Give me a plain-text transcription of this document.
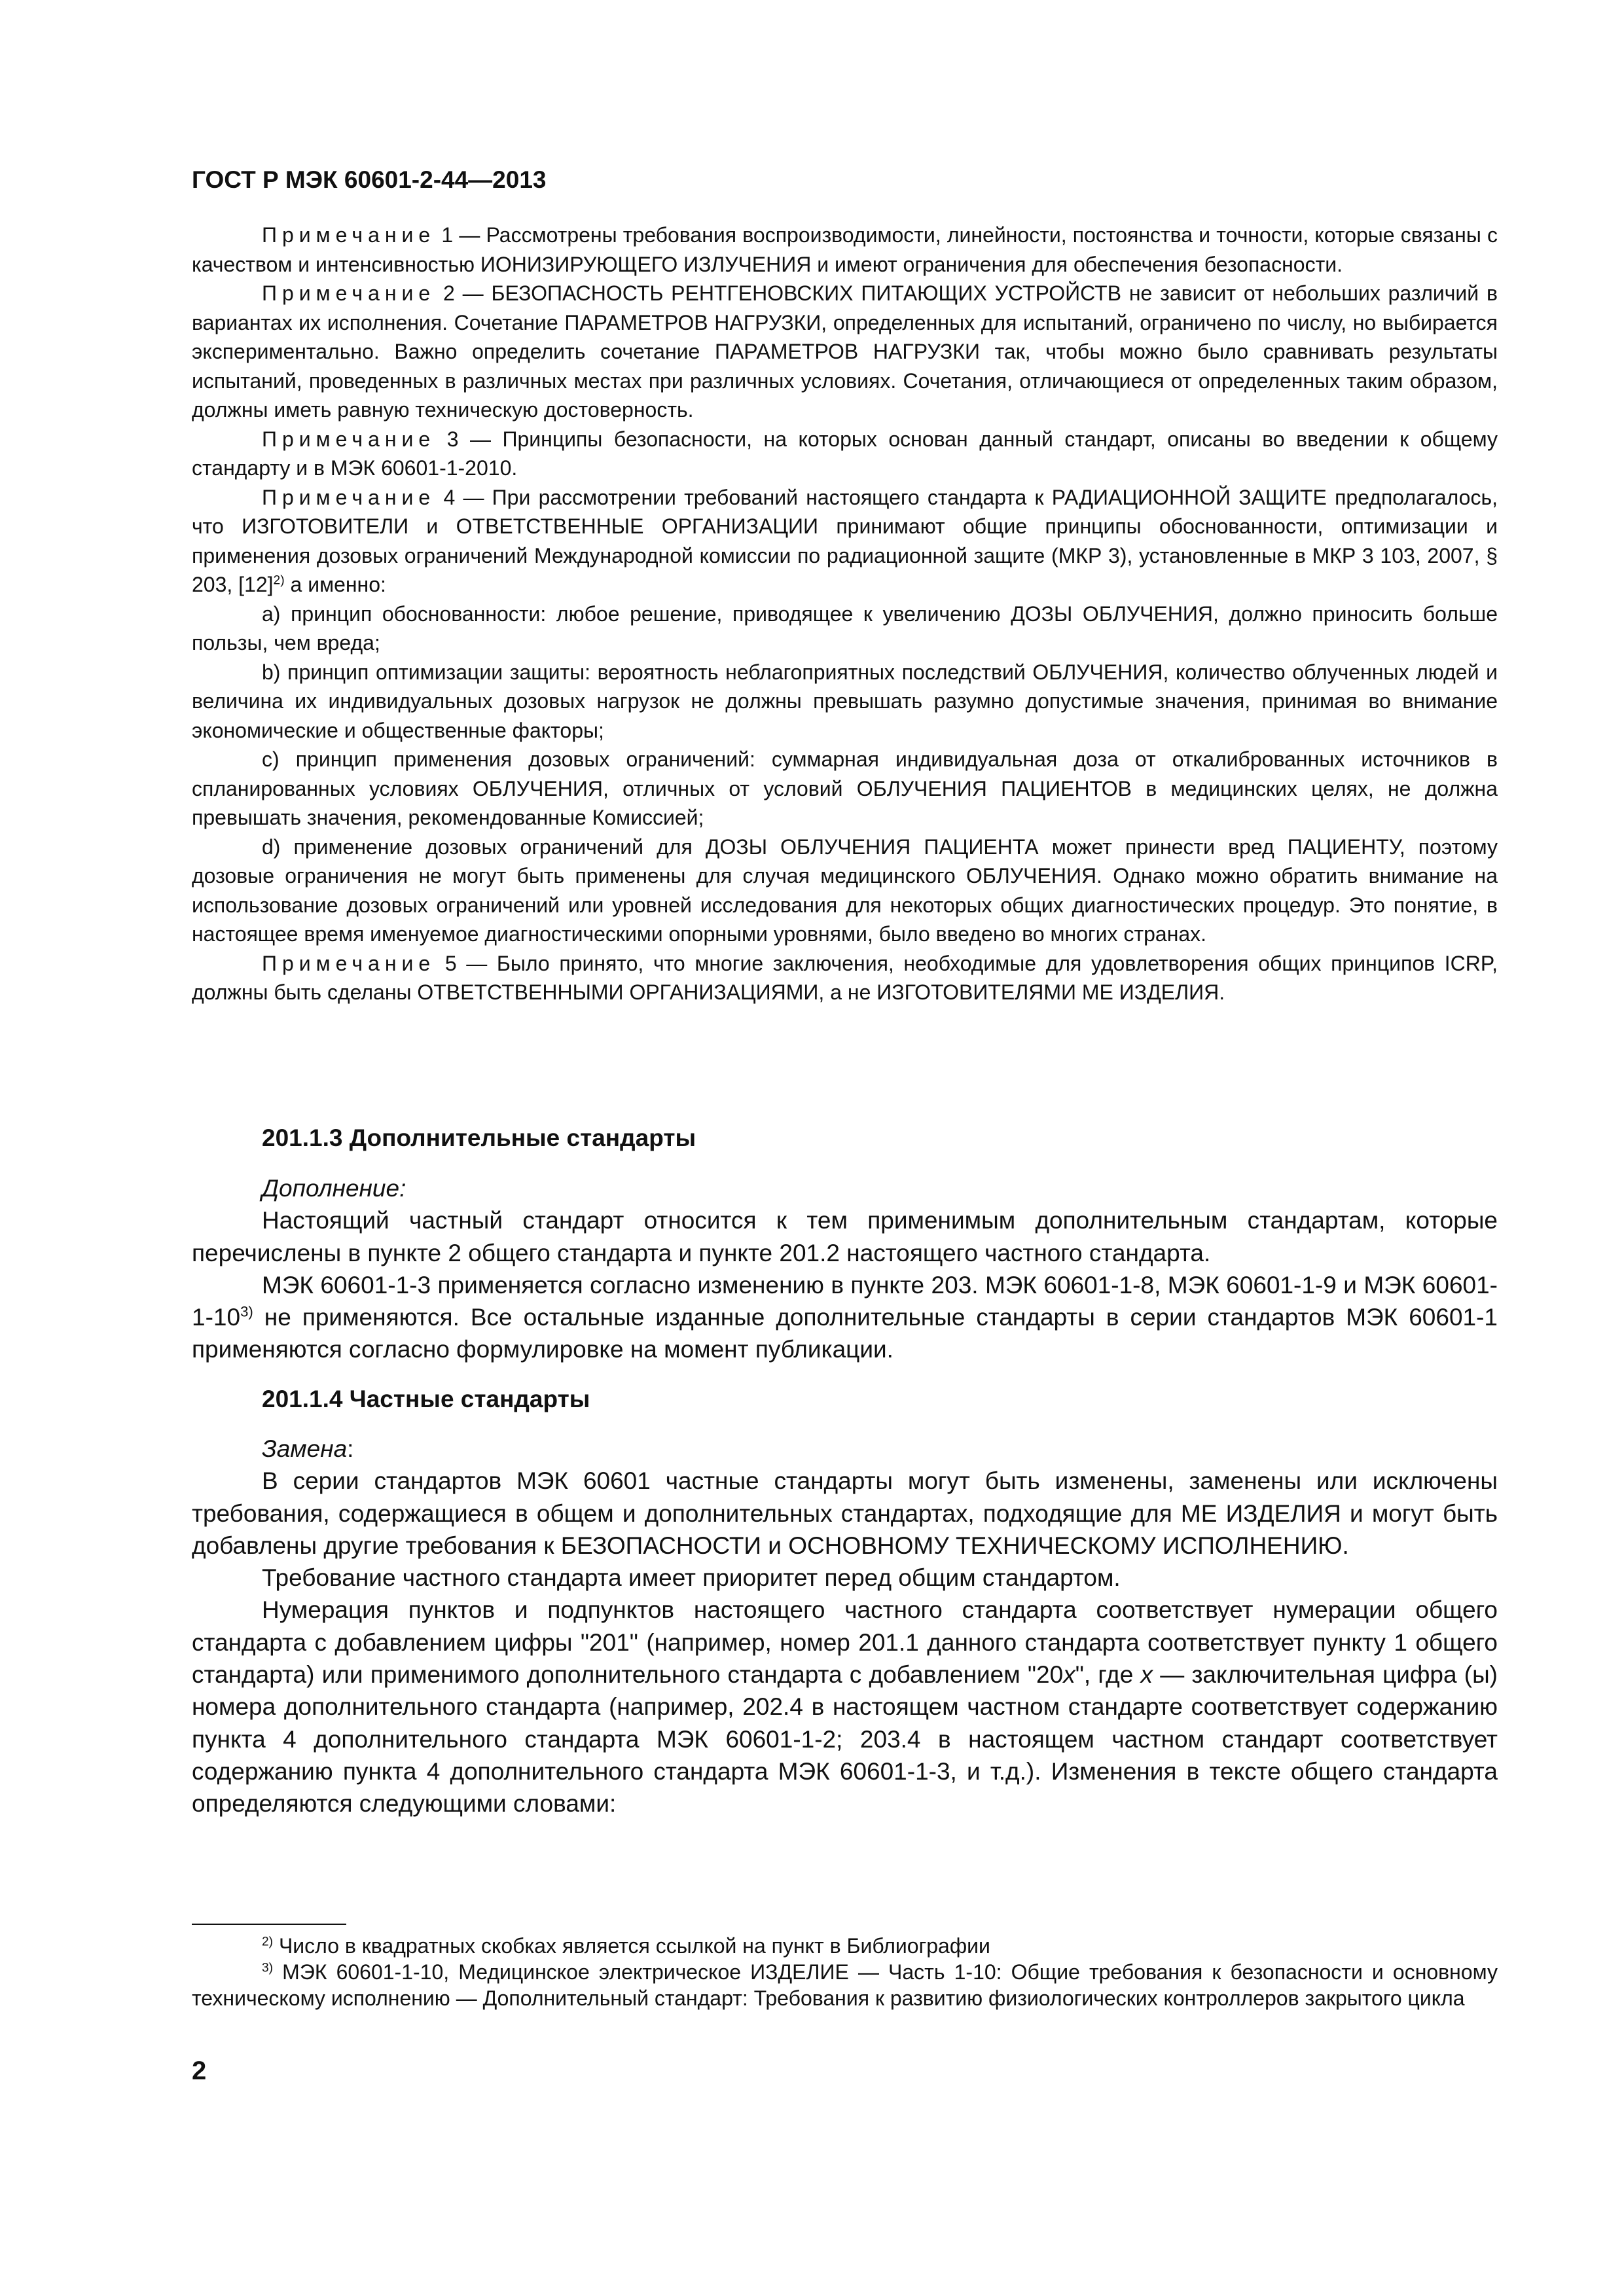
ГОСТ Р МЭК 60601-2-44—2013

Примечание 1 — Рассмотрены требования воспроизводимости, линейности, постоянства и точности, которые связаны с качеством и интенсивностью ИОНИЗИРУЮЩЕГО ИЗЛУЧЕНИЯ и имеют ограничения для обеспечения безопасности.

Примечание 2 — БЕЗОПАСНОСТЬ РЕНТГЕНОВСКИХ ПИТАЮЩИХ УСТРОЙСТВ не зависит от небольших различий в вариантах их исполнения. Сочетание ПАРАМЕТРОВ НАГРУЗКИ, определенных для испытаний, ограничено по числу, но выбирается экспериментально. Важно определить сочетание ПАРАМЕТРОВ НАГРУЗКИ так, чтобы можно было сравнивать результаты испытаний, проведенных в различных местах при различных условиях. Сочетания, отличающиеся от определенных таким образом, должны иметь равную техническую достоверность.

Примечание 3 — Принципы безопасности, на которых основан данный стандарт, описаны во введении к общему стандарту и в МЭК 60601-1-2010.

Примечание 4 — При рассмотрении требований настоящего стандарта к РАДИАЦИОННОЙ ЗАЩИТЕ предполагалось, что ИЗГОТОВИТЕЛИ и ОТВЕТСТВЕННЫЕ ОРГАНИЗАЦИИ принимают общие принципы обоснованности, оптимизации и применения дозовых ограничений Международной комиссии по радиационной защите (МКР 3), установленные в МКР 3 103, 2007, § 203, $[12]^{2)}$ а именно:

а) принцип обоснованности: любое решение, приводящее к увеличению ДОЗЫ ОБЛУЧЕНИЯ, должно приносить больше пользы, чем вреда;

b) принцип оптимизации защиты: вероятность неблагоприятных последствий ОБЛУЧЕНИЯ, количество облученных людей и величина их индивидуальных дозовых нагрузок не должны превышать разумно допустимые значения, принимая во внимание экономические и общественные факторы;

с) принцип применения дозовых ограничений: суммарная индивидуальная доза от откалиброванных источников в спланированных условиях ОБЛУЧЕНИЯ, отличных от условий ОБЛУЧЕНИЯ ПАЦИЕНТОВ в медицинских целях, не должна превышать значения, рекомендованные Комиссией;

d) применение дозовых ограничений для ДОЗЫ ОБЛУЧЕНИЯ ПАЦИЕНТА может принести вред ПАЦИЕНТУ, поэтому дозовые ограничения не могут быть применены для случая медицинского ОБЛУЧЕНИЯ. Однако можно обратить внимание на использование дозовых ограничений или уровней исследования для некоторых общих диагностических процедур. Это понятие, в настоящее время именуемое диагностическими опорными уровнями, было введено во многих странах.

Примечание 5 — Было принято, что многие заключения, необходимые для удовлетворения общих принципов ICRP, должны быть сделаны ОТВЕТСТВЕННЫМИ ОРГАНИЗАЦИЯМИ, а не ИЗГОТОВИТЕЛЯМИ МЕ ИЗДЕЛИЯ.

201.1.3 Дополнительные стандарты

Дополнение:

Настоящий частный стандарт относится к тем применимым дополнительным стандартам, которые перечислены в пункте 2 общего стандарта и пункте 201.2 настоящего частного стандарта.

МЭК 60601-1-3 применяется согласно изменению в пункте 203. МЭК 60601-1-8, МЭК 60601-1-9 и МЭК 60601-1-10$^{3)}$ не применяются. Все остальные изданные дополнительные стандарты в серии стандартов МЭК 60601-1 применяются согласно формулировке на момент публикации.

201.1.4 Частные стандарты

Замена:

В серии стандартов МЭК 60601 частные стандарты могут быть изменены, заменены или исключены требования, содержащиеся в общем и дополнительных стандартах, подходящие для МЕ ИЗДЕЛИЯ и могут быть добавлены другие требования к БЕЗОПАСНОСТИ и ОСНОВНОМУ ТЕХНИЧЕСКОМУ ИСПОЛНЕНИЮ.

Требование частного стандарта имеет приоритет перед общим стандартом.

Нумерация пунктов и подпунктов настоящего частного стандарта соответствует нумерации общего стандарта с добавлением цифры "201" (например, номер 201.1 данного стандарта соответствует пункту 1 общего стандарта) или применимого дополнительного стандарта с добавлением "20x", где x — заключительная цифра (ы) номера дополнительного стандарта (например, 202.4 в настоящем частном стандарте соответствует содержанию пункта 4 дополнительного стандарта МЭК 60601-1-2; 203.4 в настоящем частном стандарт соответствует содержанию пункта 4 дополнительного стандарта МЭК 60601-1-3, и т.д.). Изменения в тексте общего стандарта определяются следующими словами:

$^{2)}$ Число в квадратных скобках является ссылкой на пункт в Библиографии

$^{3)}$ МЭК 60601-1-10, Медицинское электрическое ИЗДЕЛИЕ — Часть 1-10: Общие требования к безопасности и основному техническому исполнению — Дополнительный стандарт: Требования к развитию физиологических контроллеров закрытого цикла

2
